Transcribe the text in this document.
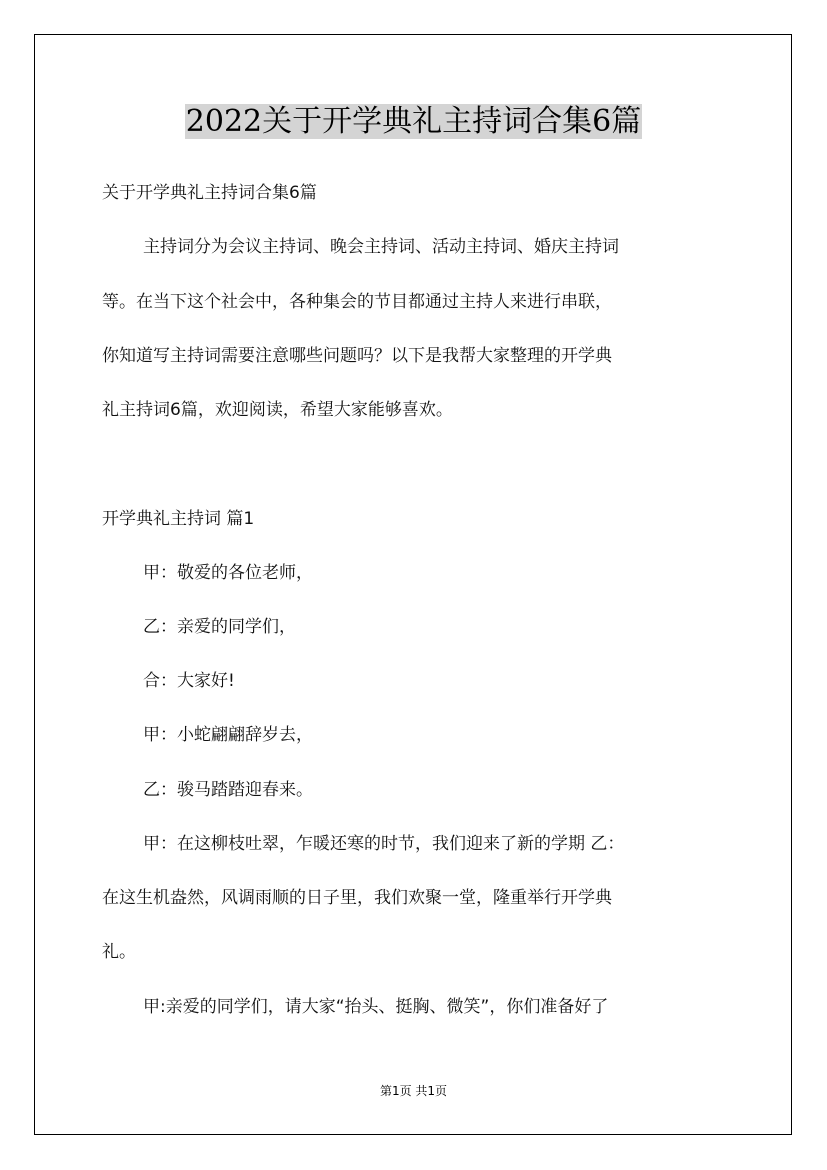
2022关于开学典礼主持词合集6篇
关于开学典礼主持词合集6篇
主持词分为会议主持词、晚会主持词、活动主持词、婚庆主持词
等。在当下这个社会中，各种集会的节目都通过主持人来进行串联，
你知道写主持词需要注意哪些问题吗？以下是我帮大家整理的开学典
礼主持词6篇，欢迎阅读，希望大家能够喜欢。
开学典礼主持词 篇1
甲：敬爱的各位老师，
乙：亲爱的同学们，
合：大家好!
甲：小蛇翩翩辞岁去，
乙：骏马踏踏迎春来。
甲：在这柳枝吐翠，乍暖还寒的时节，我们迎来了新的学期 乙：
在这生机盎然，风调雨顺的日子里，我们欢聚一堂，隆重举行开学典
礼。
甲:亲爱的同学们，请大家“抬头、挺胸、微笑”，你们准备好了
第1页 共1页
